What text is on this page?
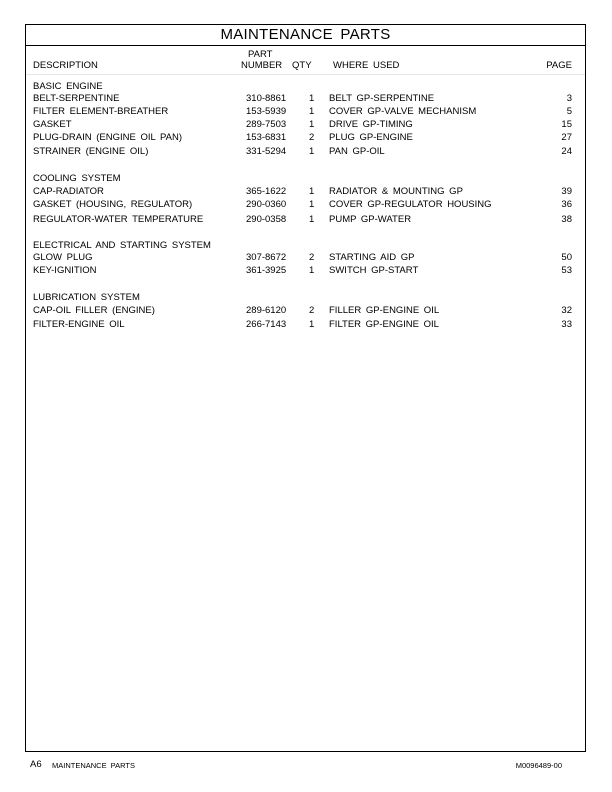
MAINTENANCE PARTS
DESCRIPTION
PART
NUMBER QTY WHERE USED	PAGE
BASIC ENGINE
BELT-SERPENTINE	310-8861 1 BELT GP-SERPENTINE	3
FILTER ELEMENT-BREATHER	153-5939 1 COVER GP-VALVE MECHANISM	5
GASKET	289-7503 1 DRIVE GP-TIMING	15
PLUG-DRAIN (ENGINE OIL PAN)	153-6831 2 PLUG GP-ENGINE	27
STRAINER (ENGINE OIL)	331-5294 1 PAN GP-OIL	24
COOLING SYSTEM
CAP-RADIATOR	365-1622 1 RADIATOR & MOUNTING GP	39
GASKET (HOUSING, REGULATOR)	290-0360 1 COVER GP-REGULATOR HOUSING	36
REGULATOR-WATER TEMPERATURE	290-0358 1 PUMP GP-WATER	38
ELECTRICAL AND STARTING SYSTEM
GLOW PLUG	307-8672 2 STARTING AID GP	50
KEY-IGNITION	361-3925 1 SWITCH GP-START	53
LUBRICATION SYSTEM
CAP-OIL FILLER (ENGINE)	289-6120 2 FILLER GP-ENGINE OIL	32
FILTER-ENGINE OIL	266-7143 1 FILTER GP-ENGINE OIL	33
A6 MAINTENANCE PARTS	M0096489-00
